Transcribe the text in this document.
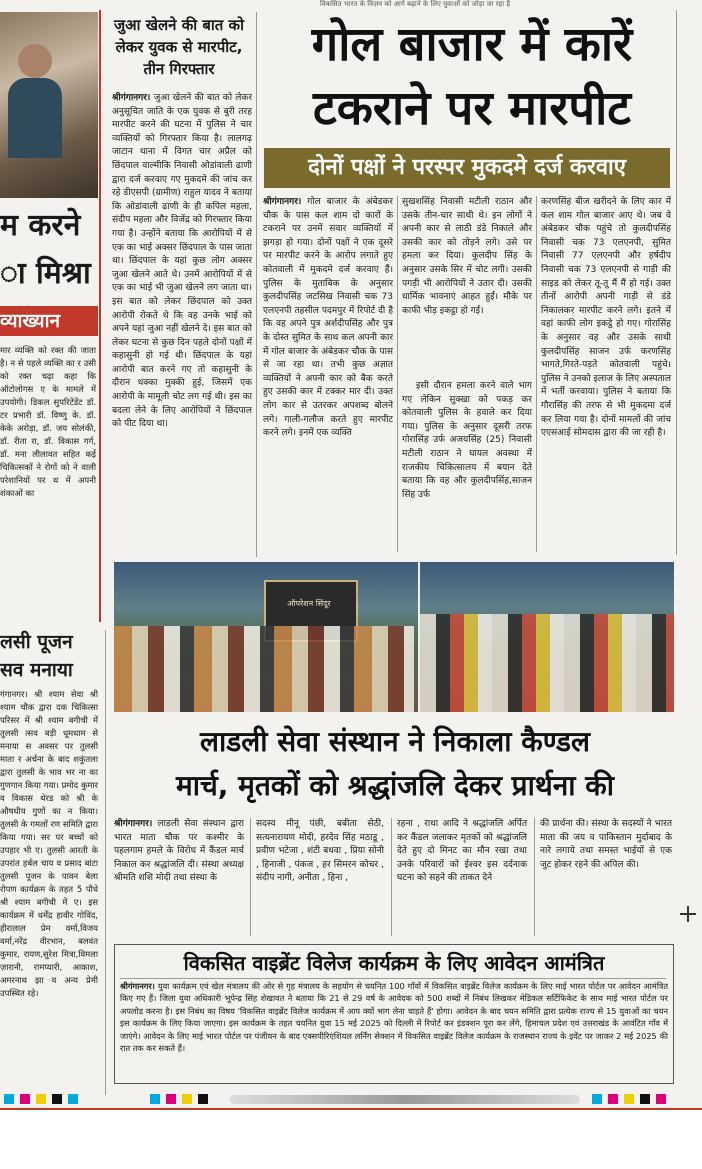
विकसित भारत के विज़न को आगे बढ़ाने के लिए युवाओं को जोड़ा जा रहा है
म करने
ा मिश्रा
व्याख्यान
मार व्यक्ति को रक्त की जाता है। न से पहले व्यक्ति का र उसी को रक्त चढ़ा कहा कि ऑटोलोगस ए के मामले में उपयोगी। डिकल सुपरिटेंडेंट डॉ. टर प्रभारी डॉ. विष्णु के. डॉ. केके अरोड़ा, डॉ. जय सोलंकी, डॉ. रीता रा, डॉ. विकास गर्ग, डॉ. मना लीलावत सहित कई चिकित्सकों ने रोगों को ने वाली परेशानियों पर थ में अपनी शंकाओं का
लसी पूजन
सव मनाया
गंगानगर। श्री श्याम सेवा श्री श्याम चौक द्वारा दक चिकित्सा परिसर में श्री श्याम बगीची में तुलसी त्सव बड़ी धूमधाम से मनाया स अवसर पर तुलसी माता र अर्चना के बाद शकुंतला द्वारा तुलसी के भाव भर ना का गुणगान किया गया। प्रमोद कुमार व विकास थेरड को श्री के औषधीय गुणों का न किया। तुलसी के गमलों रण समिति द्वारा किया गया। सर पर बच्चों को उपहार भी ए। तुलसी आरती के उपरांत हर्बल चाय व प्रसाद बांटा तुलसी पूजन के पावन बेला रोपण कार्यक्रम के तहत 5 पौधे श्री श्याम बगीची में ए। इस कार्यक्रम में धर्मेंद्र हावीर गोविंद, हीरालाल प्रेम वर्मा,विजय वर्मा,नरेंद्र वीरभान, बलवंत कुमार, रायण,सुरेश मित्रा,विमला ज़ारानी, रामप्यारी, आकाश, अमरनाथ झा व अन्य प्रेमी उपस्थित रहे।
जुआ खेलने की बात को लेकर युवक से मारपीट, तीन गिरफ्तार
श्रीगंगानगर। जुआ खेलने की बात को लेकर अनुसूचित जाति के एक युवक से बुरी तरह मारपीट करने की घटना में पुलिस ने चार व्यक्तियों को गिरफ्तार किया है। लालगढ़ जाटान थाना में विगत चार अप्रैल को छिंदपाल वाल्मीकि निवासी ओडांवाली ढाणी द्वारा दर्ज करवाए गए मुकदमे की जांच कर रहे डीएसपी (ग्रामीण) राहुल यादव ने बताया कि ओडांवाली ढाणी के ही कपिल महला, संदीप महला और विजेंद्र को गिरफ्तार किया गया है। उन्होंने बताया कि आरोपियों में से एक का भाई अक्सर छिंदपाल के पास जाता था। छिंदपाल के यहां कुछ लोग अक्सर जुआ खेलने आते थे। उनमें आरोपियों में से एक का भाई भी जुआ खेलने लग जाता था। इस बात को लेकर छिंदपाल को उक्त आरोपी रोकते थे कि वह उनके भाई को अपने यहां जुआ नहीं खेलने दे। इस बात को लेकर घटना से कुछ दिन पहले दोनों पक्षों में कहासुनी हो गई थी। छिंदपाल के यहां आरोपी बात करने गए तो कहासुनी के दौरान धक्का मुक्की हुई, जिसमें एक आरोपी के मामूली चोट लग गई थी। इस का बदला लेने के लिए आरोपियों ने छिंदपाल को पीट दिया था।
गोल बाजार में कारें
टकराने पर मारपीट
दोनों पक्षों ने परस्पर मुकदमे दर्ज करवाए
श्रीगंगानगर। गोल बाजार के अंबेडकर चौक के पास कल शाम दो कारों के टकराने पर उनमें सवार व्यक्तियों में झगड़ा हो गया। दोनों पक्षों ने एक दूसरे पर मारपीट करने के आरोप लगाते हुए कोतवाली में मुकदमे दर्ज करवाए हैं। पुलिस के मुताबिक के अनुसार कुलदीपसिंह जटसिख निवासी चक 73 एलएनपी तहसील पदमपुर में रिपोर्ट दी है कि वह अपने पुत्र अर्शदीपसिंह और पुत्र के दोस्त सुमित के साथ कल अपनी कार में गोल बाजार के अंबेडकर चौक के पास से जा रहा था। तभी कुछ अज्ञात व्यक्तियों ने अपनी कार को बैक करते हुए उसकी कार में टक्कर मार दी। उक्त लोग कार से उतरकर अपशब्द बोलने लगे। गाली-गलौज करते हुए मारपीट करने लगे। इनमें एक व्यक्ति
सुखशसिंह निवासी मटीली राठान और उसके तीन-चार साथी थे। इन लोगों ने अपनी कार से लाठी डंडे निकाले और उसकी कार को तोड़ने लगे। उसे पर हमला कर दिया। कुलदीप सिंह के अनुसार उसके सिर में चोट लगी। उसकी पगड़ी भी आरोपियों ने उतार दी। उसकी धार्मिक भावनाएं आहत हुईं। मौके पर काफी भीड़ इकट्ठा हो गई।
इसी दौरान हमला करने वाले भाग गए लेकिन सुक्खा को पकड़ कर कोतवाली पुलिस के हवाले कर दिया गया। पुलिस के अनुसार दूसरी तरफ गोरासिंह उर्फ अजयसिंह (25) निवासी मटीली राठान ने घायल अवस्था में राजकीय चिकित्सालय में बयान देते बताया कि वह और कुलदीपसिंह,साजन सिंह उर्फ
करणसिंह बीज खरीदने के लिए कार में कल शाम गोल बाजार आए थे। जब वे अंबेडकर चौक पहुंचे तो कुलदीपसिंह निवासी चक 73 एलएनपी, सुमित निवासी 77 एलएनपी और हर्षदीप निवासी चक 73 एलएनपी से गाड़ी की साइड को लेकर तू-तू मैं मैं हो गई। उक्त तीनों आरोपी अपनी गाड़ी से डंडे निकालकर मारपीट करने लगे। इतने में वहां काफी लोग इकट्ठे हो गए। गोरासिंह के अनुसार वह और उसके साथी कुलदीपसिंह साजन उर्फ करणसिंह भागते,गिरते-पड़ते कोतवाली पहुंचे। पुलिस ने उनको इलाज के लिए अस्पताल में भर्ती करवाया। पुलिस ने बताया कि गौरासिंह की तरफ से भी मुकदमा दर्ज कर लिया गया है। दोनों मामलों की जांच एएसआई सोमदास द्वारा की जा रही है।
ऑपरेशन सिंदूर
लाडली सेवा संस्थान ने निकाला कैण्डल
मार्च, मृतकों को श्रद्धांजलि देकर प्रार्थना की
श्रीगंगानगर। लाडली सेवा संस्थान द्वारा भारत माता चौक पर कश्मीर के पहलगाम हमले के विरोध में कैंडल मार्च निकाल कर श्रद्धांजलि दी। संस्था अध्यक्ष श्रीमति शशि मोदी तथा संस्था के
सदस्य मीनू पंछी, बबीता सेठी, सत्यनारायण मोदी, हरदेव सिंह मठाडू , प्रवीण भटेजा , शंटी बधवा , प्रिया सोनी , हिनाजी , पंकज , हर सिमरन कोचर , संदीप नागी, अनीता , हिना ,
रहना , राधा आदि ने श्रद्धांजलि अर्पित कर कैंडल जलाकर मृतकों को श्रद्धांजलि देते हुए दो मिनट का मौन रखा तथा उनके परिवारों को ईश्वर इस दर्दनाक घटना को सहने की ताकत देने
की प्रार्थना की। संस्था के सदस्यों ने भारत माता की जय व पाकिस्तान मुर्दाबाद के नारे लगाये तथा समस्त भाईयों से एक जुट होकर रहने की अपिल की।
विकसित वाइब्रेंट विलेज कार्यक्रम के लिए आवेदन आमंत्रित
श्रीगंगानगर। युवा कार्यक्रम एवं खेल मंत्रालय की ओर से गृह मंत्रालय के सहयोग से चयनित 100 गाँवों में विकसित वाइब्रेंट विलेज कार्यक्रम के लिए माई भारत पोर्टल पर आवेदन आमंत्रित किए गए हैं। जिला युवा अधिकारी भूपेन्द्र सिंह शेखावत ने बताया कि 21 से 29 वर्ष के आवेदक को 500 शब्दों में निबंध लिखकर मेडिकल सर्टिफिकेट के साथ माई भारत पोर्टल पर अपलोड करना है। इस निबंध का विषय 'विकसित वाइब्रेंट विलेज कार्यक्रम में आप क्यों भाग लेना चाहते हैं' होगा। आवेदन के बाद चयन समिति द्वारा प्रत्येक राज्य से 15 युवाओं का चयन इस कार्यक्रम के लिए किया जाएगा। इस कार्यक्रम के तहत चयनित युवा 15 मई 2025 को दिल्ली में रिपोर्ट कर इंडक्शन पूरा कर लेंगे, हिमाचल प्रदेश एवं उत्तराखंड के आवंटित गाँव में जाएंगे। आवेदन के लिए माई भारत पोर्टल पर पंजीयन के बाद एक्सपीरिएंशियल लर्निंग सेक्शन में विकसित वाइब्रेंट विलेज कार्यक्रम के राजस्थान राज्य के इवेंट पर जाकर 2 मई 2025 की रात तक कर सकते हैं।
